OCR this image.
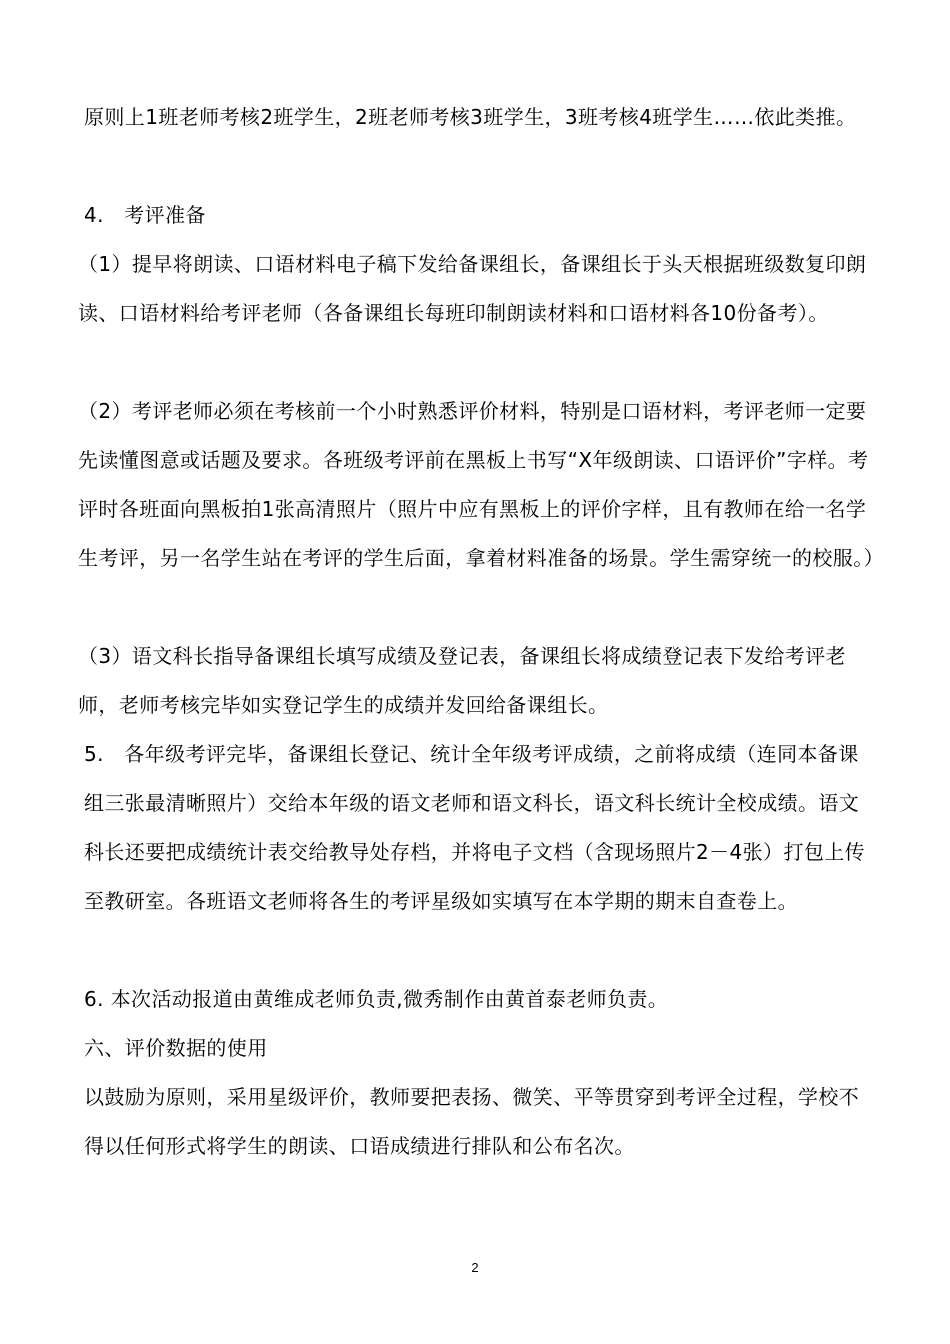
原则上1班老师考核2班学生，2班老师考核3班学生，3班考核4班学生……依此类推。

4.　考评准备

（1）提早将朗读、口语材料电子稿下发给备课组长，备课组长于头天根据班级数复印朗读、口语材料给考评老师（各备课组长每班印制朗读材料和口语材料各10份备考）。

（2）考评老师必须在考核前一个小时熟悉评价材料，特别是口语材料，考评老师一定要先读懂图意或话题及要求。各班级考评前在黑板上书写“X年级朗读、口语评价”字样。考评时各班面向黑板拍1张高清照片（照片中应有黑板上的评价字样，且有教师在给一名学生考评，另一名学生站在考评的学生后面，拿着材料准备的场景。学生需穿统一的校服。）

（3）语文科长指导备课组长填写成绩及登记表，备课组长将成绩登记表下发给考评老师，老师考核完毕如实登记学生的成绩并发回给备课组长。

5.　各年级考评完毕，备课组长登记、统计全年级考评成绩，之前将成绩（连同本备课组三张最清晰照片）交给本年级的语文老师和语文科长，语文科长统计全校成绩。语文科长还要把成绩统计表交给教导处存档，并将电子文档（含现场照片2－4张）打包上传至教研室。各班语文老师将各生的考评星级如实填写在本学期的期末自查卷上。

6. 本次活动报道由黄维成老师负责,微秀制作由黄首泰老师负责。

六、评价数据的使用

以鼓励为原则，采用星级评价，教师要把表扬、微笑、平等贯穿到考评全过程，学校不得以任何形式将学生的朗读、口语成绩进行排队和公布名次。

2
